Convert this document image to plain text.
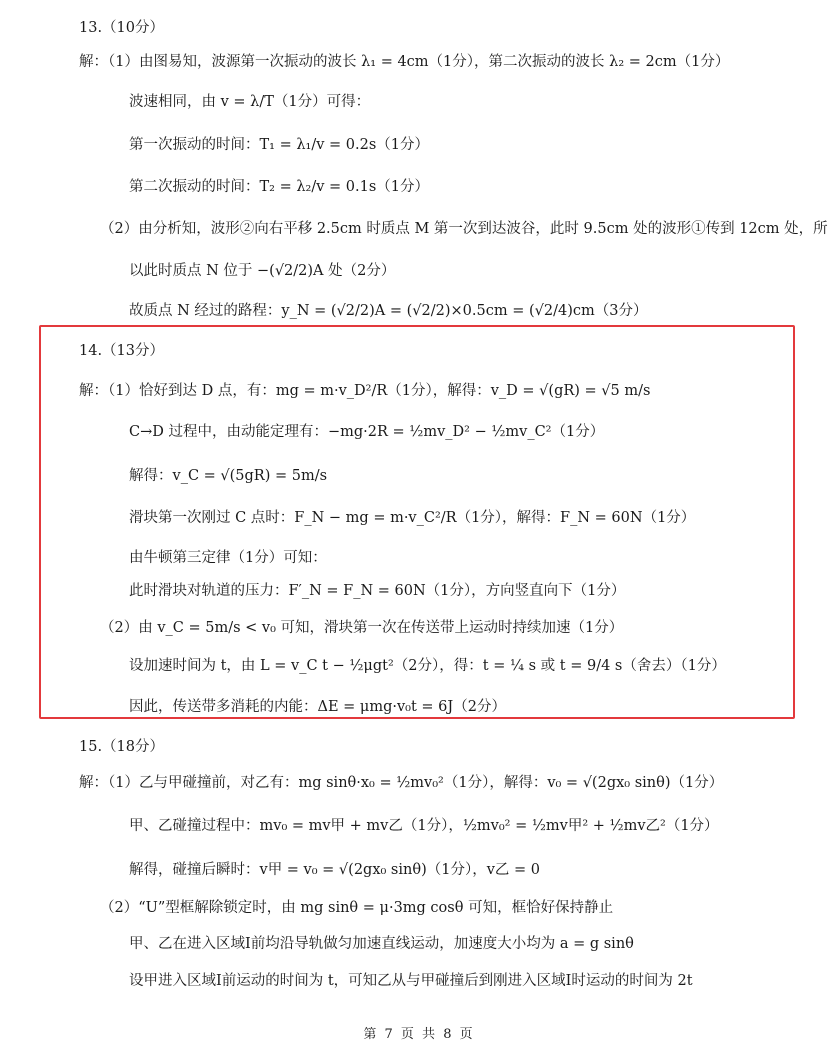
13.（10分）
解：（1）由图易知，波源第一次振动的波长 λ₁ = 4cm（1分），第二次振动的波长 λ₂ = 2cm（1分）
波速相同，由 v = λ/T（1分）可得：
第一次振动的时间：T₁ = λ₁/v = 0.2s（1分）
第二次振动的时间：T₂ = λ₂/v = 0.1s（1分）
（2）由分析知，波形②向右平移 2.5cm 时质点 M 第一次到达波谷，此时 9.5cm 处的波形①传到 12cm 处，所
以此时质点 N 位于 −(√2/2)A 处（2分）
故质点 N 经过的路程：y_N = (√2/2)A = (√2/2)×0.5cm = (√2/4)cm（3分）
14.（13分）
解：（1）恰好到达 D 点，有：mg = m·v_D²/R（1分），解得：v_D = √(gR) = √5 m/s
C→D 过程中，由动能定理有：−mg·2R = ½mv_D² − ½mv_C²（1分）
解得：v_C = √(5gR) = 5m/s
滑块第一次刚过 C 点时：F_N − mg = m·v_C²/R（1分），解得：F_N = 60N（1分）
由牛顿第三定律（1分）可知：
此时滑块对轨道的压力：F′_N = F_N = 60N（1分），方向竖直向下（1分）
（2）由 v_C = 5m/s < v₀ 可知，滑块第一次在传送带上运动时持续加速（1分）
设加速时间为 t，由 L = v_C t − ½μgt²（2分），得：t = ¼ s 或 t = 9/4 s（舍去）（1分）
因此，传送带多消耗的内能：ΔE = μmg·v₀t = 6J（2分）
15.（18分）
解：（1）乙与甲碰撞前，对乙有：mg sinθ·x₀ = ½mv₀²（1分），解得：v₀ = √(2gx₀ sinθ)（1分）
甲、乙碰撞过程中：mv₀ = mv甲 + mv乙（1分），½mv₀² = ½mv甲² + ½mv乙²（1分）
解得，碰撞后瞬时：v甲 = v₀ = √(2gx₀ sinθ)（1分），v乙 = 0
（2）“U”型框解除锁定时，由 mg sinθ = μ·3mg cosθ 可知，框恰好保持静止
甲、乙在进入区域Ⅰ前均沿导轨做匀加速直线运动，加速度大小均为 a = g sinθ
设甲进入区域Ⅰ前运动的时间为 t，可知乙从与甲碰撞后到刚进入区域Ⅰ时运动的时间为 2t
第 7 页 共 8 页
